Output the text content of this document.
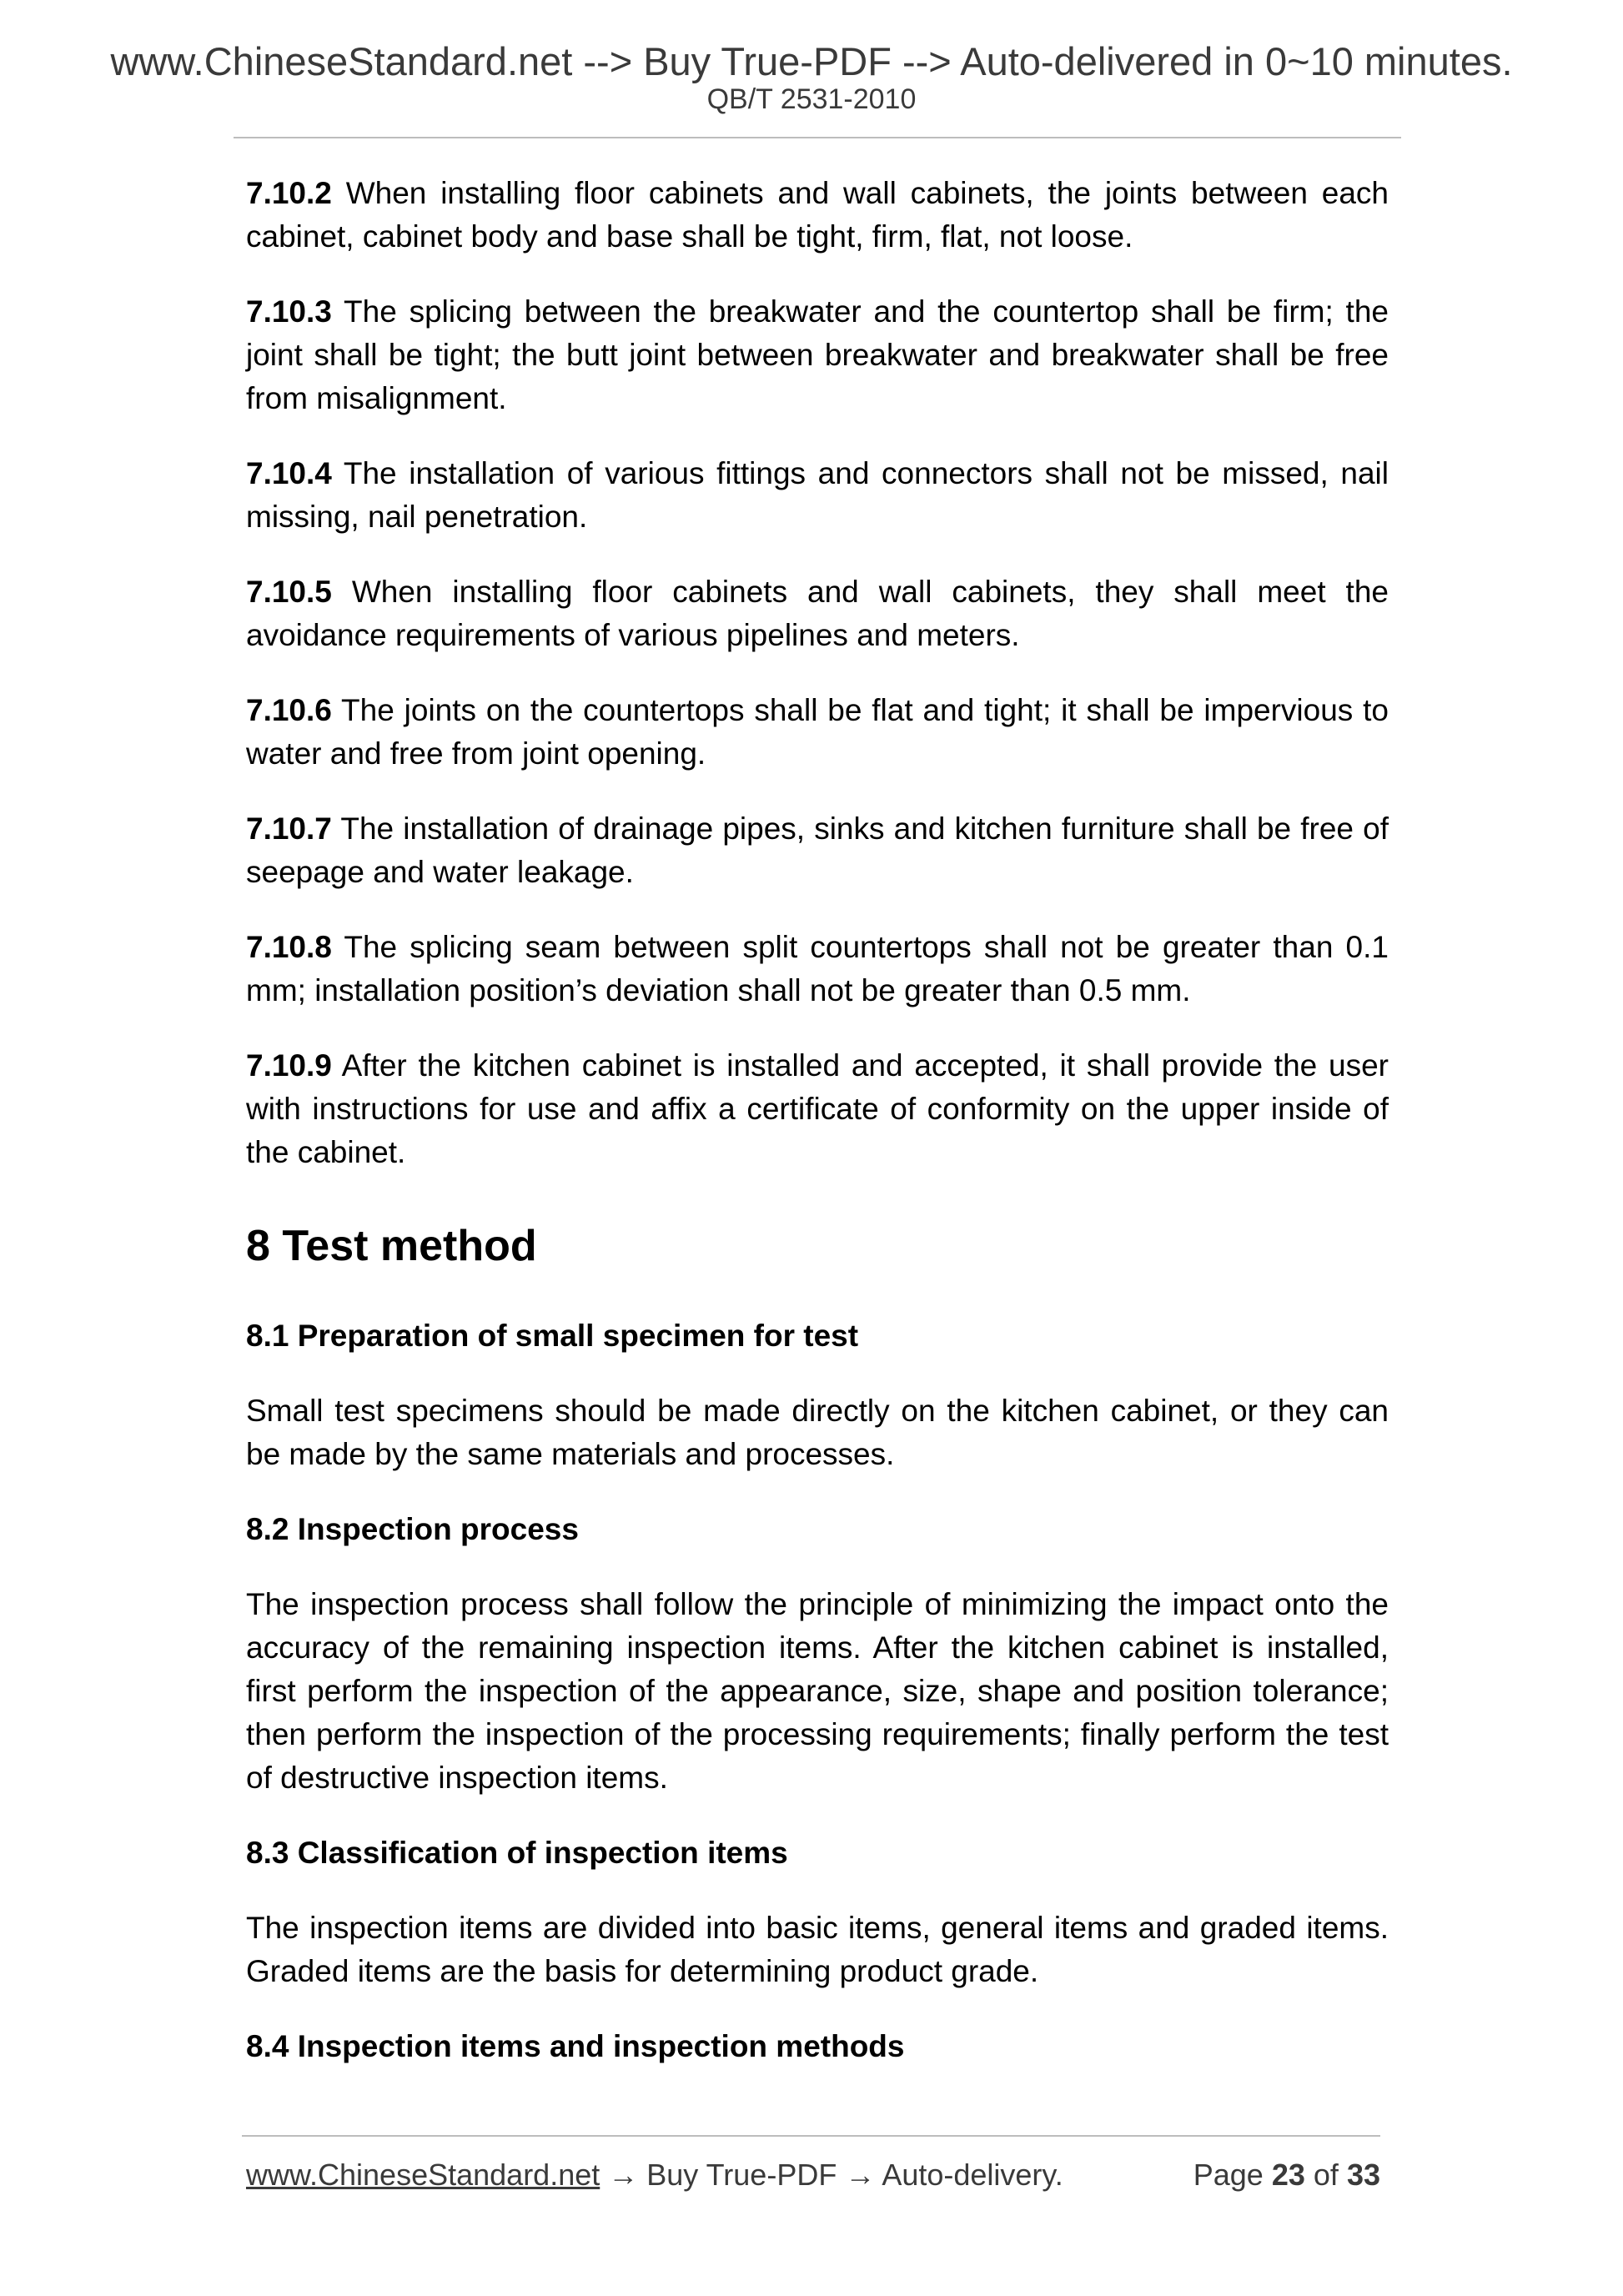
www.ChineseStandard.net --> Buy True-PDF --> Auto-delivered in 0~10 minutes.
QB/T 2531-2010

7.10.2 When installing floor cabinets and wall cabinets, the joints between each cabinet, cabinet body and base shall be tight, firm, flat, not loose.

7.10.3 The splicing between the breakwater and the countertop shall be firm; the joint shall be tight; the butt joint between breakwater and breakwater shall be free from misalignment.

7.10.4 The installation of various fittings and connectors shall not be missed, nail missing, nail penetration.

7.10.5 When installing floor cabinets and wall cabinets, they shall meet the avoidance requirements of various pipelines and meters.

7.10.6 The joints on the countertops shall be flat and tight; it shall be impervious to water and free from joint opening.

7.10.7 The installation of drainage pipes, sinks and kitchen furniture shall be free of seepage and water leakage.

7.10.8 The splicing seam between split countertops shall not be greater than 0.1 mm; installation position’s deviation shall not be greater than 0.5 mm.

7.10.9 After the kitchen cabinet is installed and accepted, it shall provide the user with instructions for use and affix a certificate of conformity on the upper inside of the cabinet.

8 Test method
8.1 Preparation of small specimen for test

Small test specimens should be made directly on the kitchen cabinet, or they can be made by the same materials and processes.

8.2 Inspection process

The inspection process shall follow the principle of minimizing the impact onto the accuracy of the remaining inspection items. After the kitchen cabinet is installed, first perform the inspection of the appearance, size, shape and position tolerance; then perform the inspection of the processing requirements; finally perform the test of destructive inspection items.

8.3 Classification of inspection items

The inspection items are divided into basic items, general items and graded items. Graded items are the basis for determining product grade.

8.4 Inspection items and inspection methods
www.ChineseStandard.net → Buy True-PDF → Auto-delivery.	Page 23 of 33
